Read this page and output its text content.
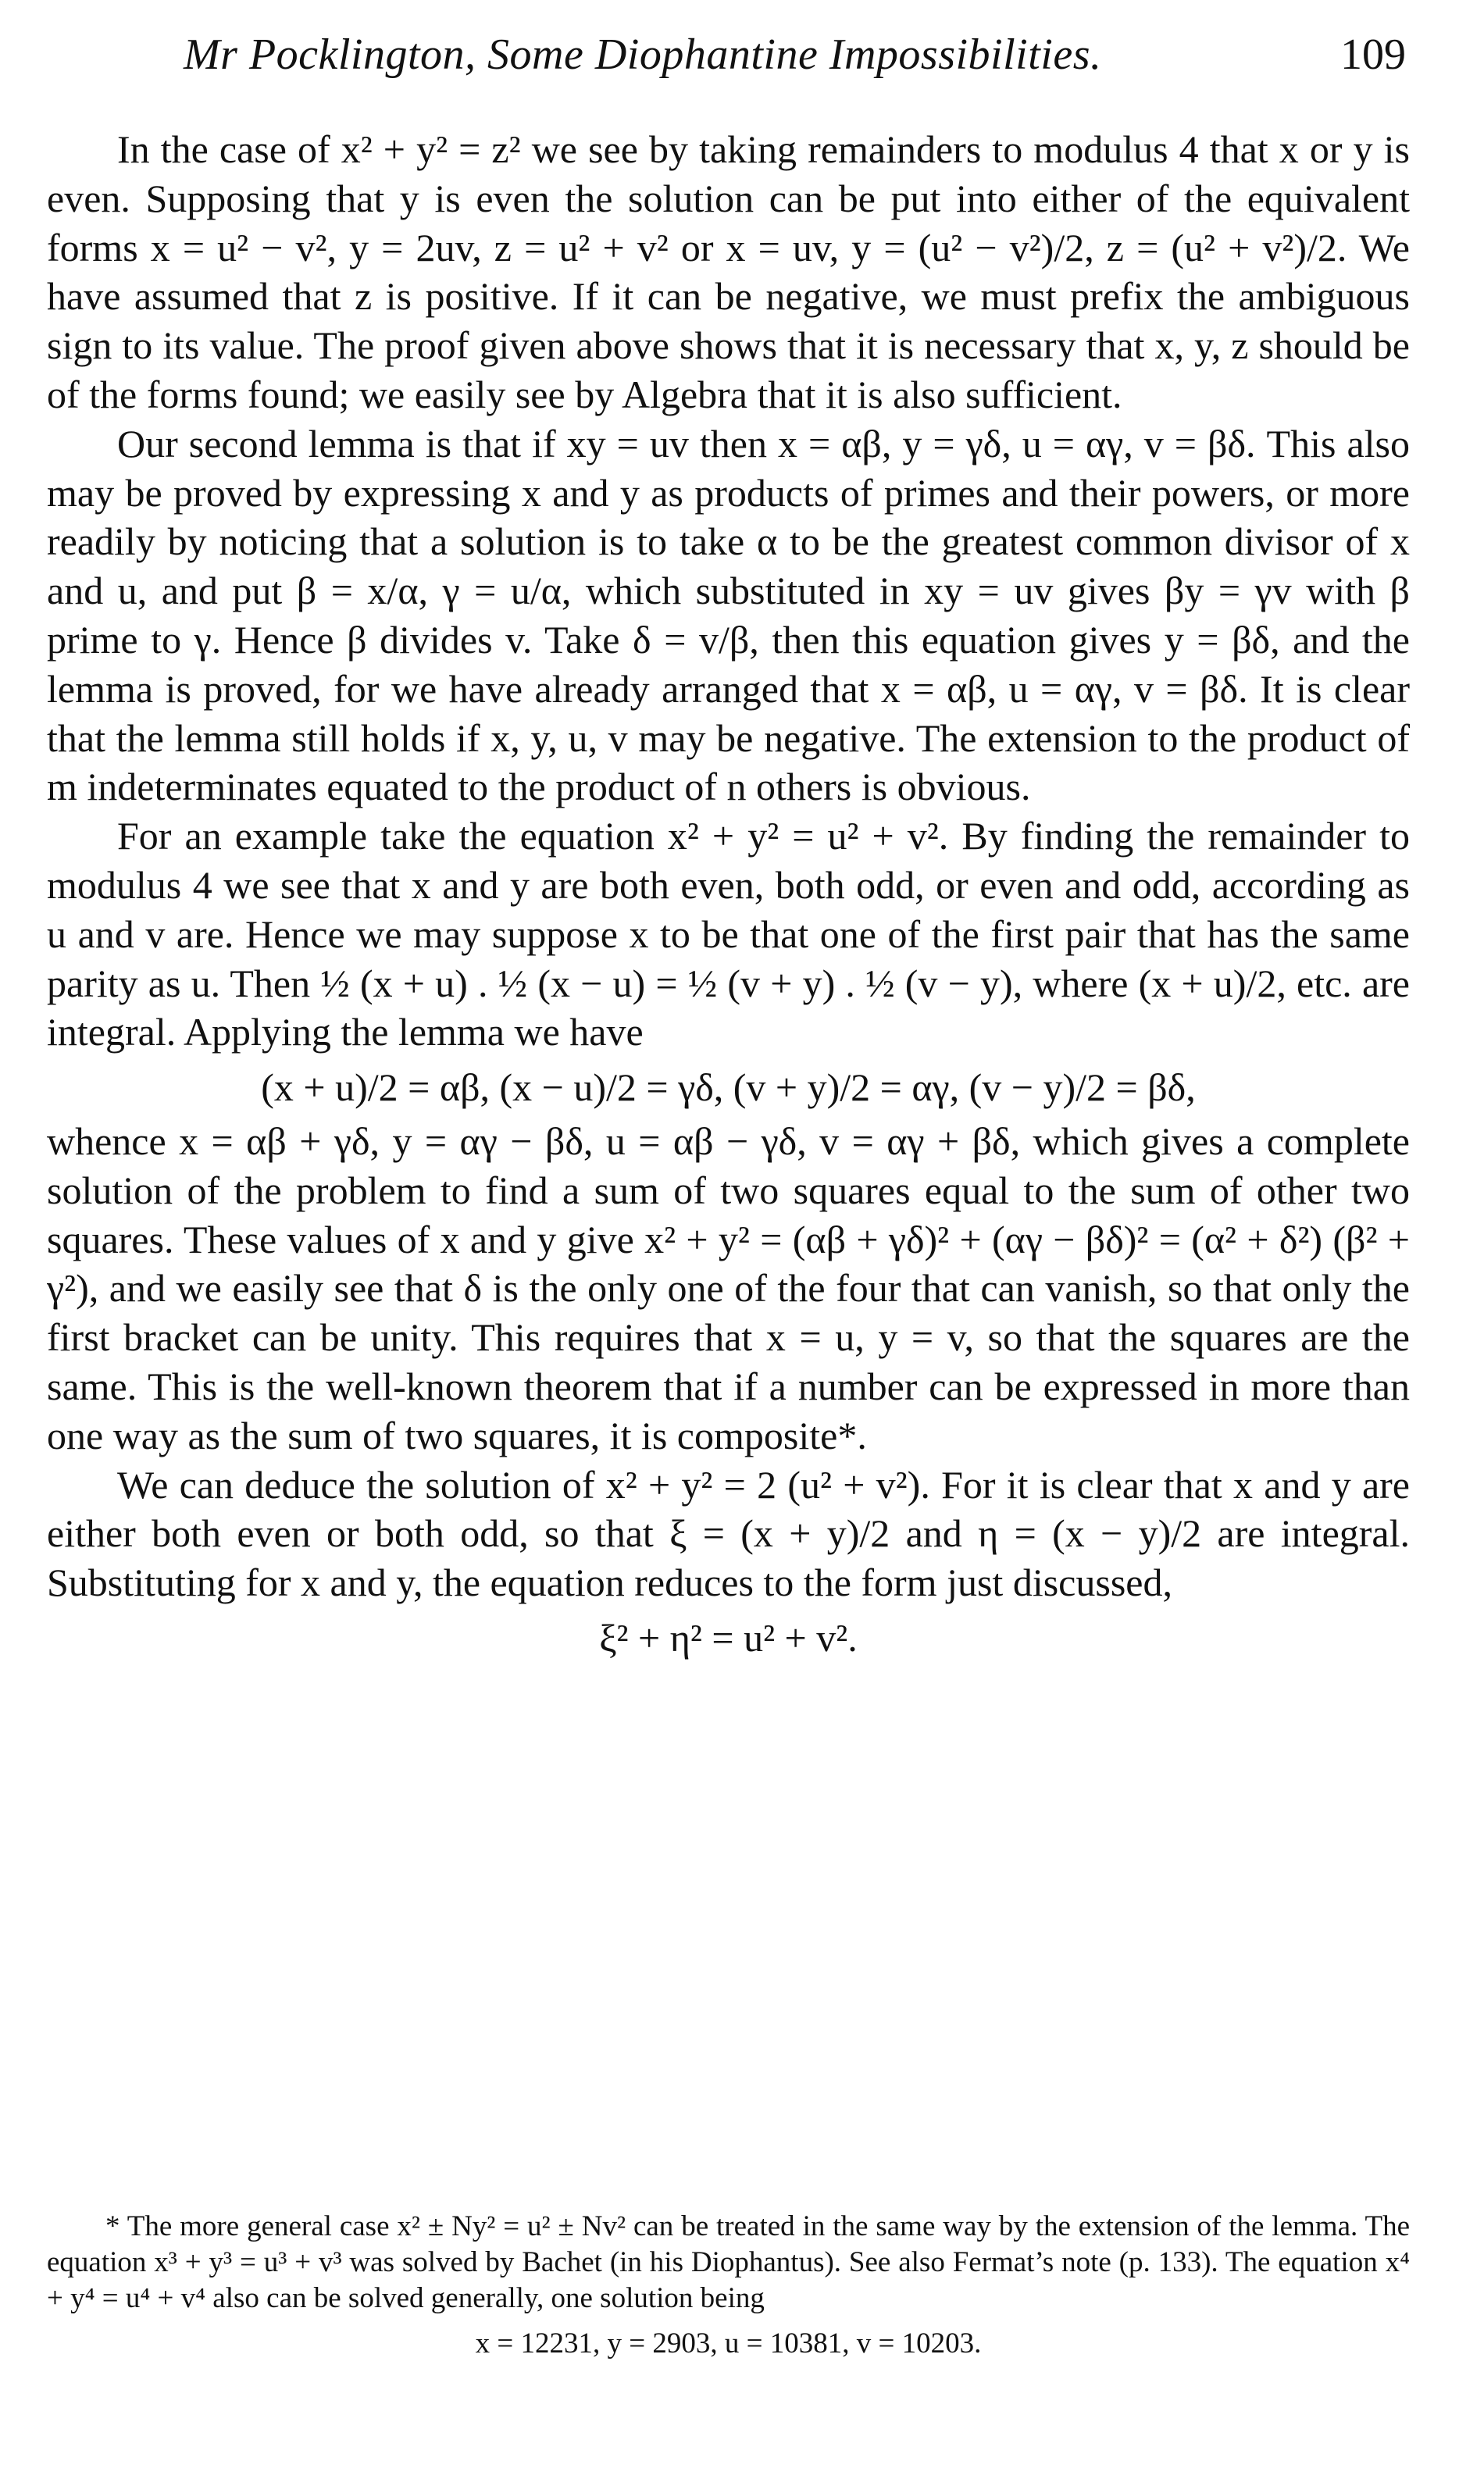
Mr Pocklington, Some Diophantine Impossibilities.	109

In the case of x² + y² = z² we see by taking remainders to modulus 4 that x or y is even. Supposing that y is even the solution can be put into either of the equivalent forms x = u² − v², y = 2uv, z = u² + v² or x = uv, y = (u² − v²)/2, z = (u² + v²)/2. We have assumed that z is positive. If it can be negative, we must prefix the ambiguous sign to its value. The proof given above shows that it is necessary that x, y, z should be of the forms found; we easily see by Algebra that it is also sufficient.

Our second lemma is that if xy = uv then x = αβ, y = γδ, u = αγ, v = βδ. This also may be proved by expressing x and y as products of primes and their powers, or more readily by noticing that a solution is to take α to be the greatest common divisor of x and u, and put β = x/α, γ = u/α, which substituted in xy = uv gives βy = γv with β prime to γ. Hence β divides v. Take δ = v/β, then this equation gives y = βδ, and the lemma is proved, for we have already arranged that x = αβ, u = αγ, v = βδ. It is clear that the lemma still holds if x, y, u, v may be negative. The extension to the product of m indeterminates equated to the product of n others is obvious.

For an example take the equation x² + y² = u² + v². By finding the remainder to modulus 4 we see that x and y are both even, both odd, or even and odd, according as u and v are. Hence we may suppose x to be that one of the first pair that has the same parity as u. Then ½ (x + u) . ½ (x − u) = ½ (v + y) . ½ (v − y), where (x + u)/2, etc. are integral. Applying the lemma we have

(x + u)/2 = αβ, (x − u)/2 = γδ, (v + y)/2 = αγ, (v − y)/2 = βδ,

whence x = αβ + γδ, y = αγ − βδ, u = αβ − γδ, v = αγ + βδ, which gives a complete solution of the problem to find a sum of two squares equal to the sum of other two squares. These values of x and y give x² + y² = (αβ + γδ)² + (αγ − βδ)² = (α² + δ²) (β² + γ²), and we easily see that δ is the only one of the four that can vanish, so that only the first bracket can be unity. This requires that x = u, y = v, so that the squares are the same. This is the well-known theorem that if a number can be expressed in more than one way as the sum of two squares, it is composite*.

We can deduce the solution of x² + y² = 2 (u² + v²). For it is clear that x and y are either both even or both odd, so that ξ = (x + y)/2 and η = (x − y)/2 are integral. Substituting for x and y, the equation reduces to the form just discussed,

ξ² + η² = u² + v².

* The more general case x² ± Ny² = u² ± Nv² can be treated in the same way by the extension of the lemma. The equation x³ + y³ = u³ + v³ was solved by Bachet (in his Diophantus). See also Fermat’s note (p. 133). The equation x⁴ + y⁴ = u⁴ + v⁴ also can be solved generally, one solution being

x = 12231, y = 2903, u = 10381, v = 10203.
